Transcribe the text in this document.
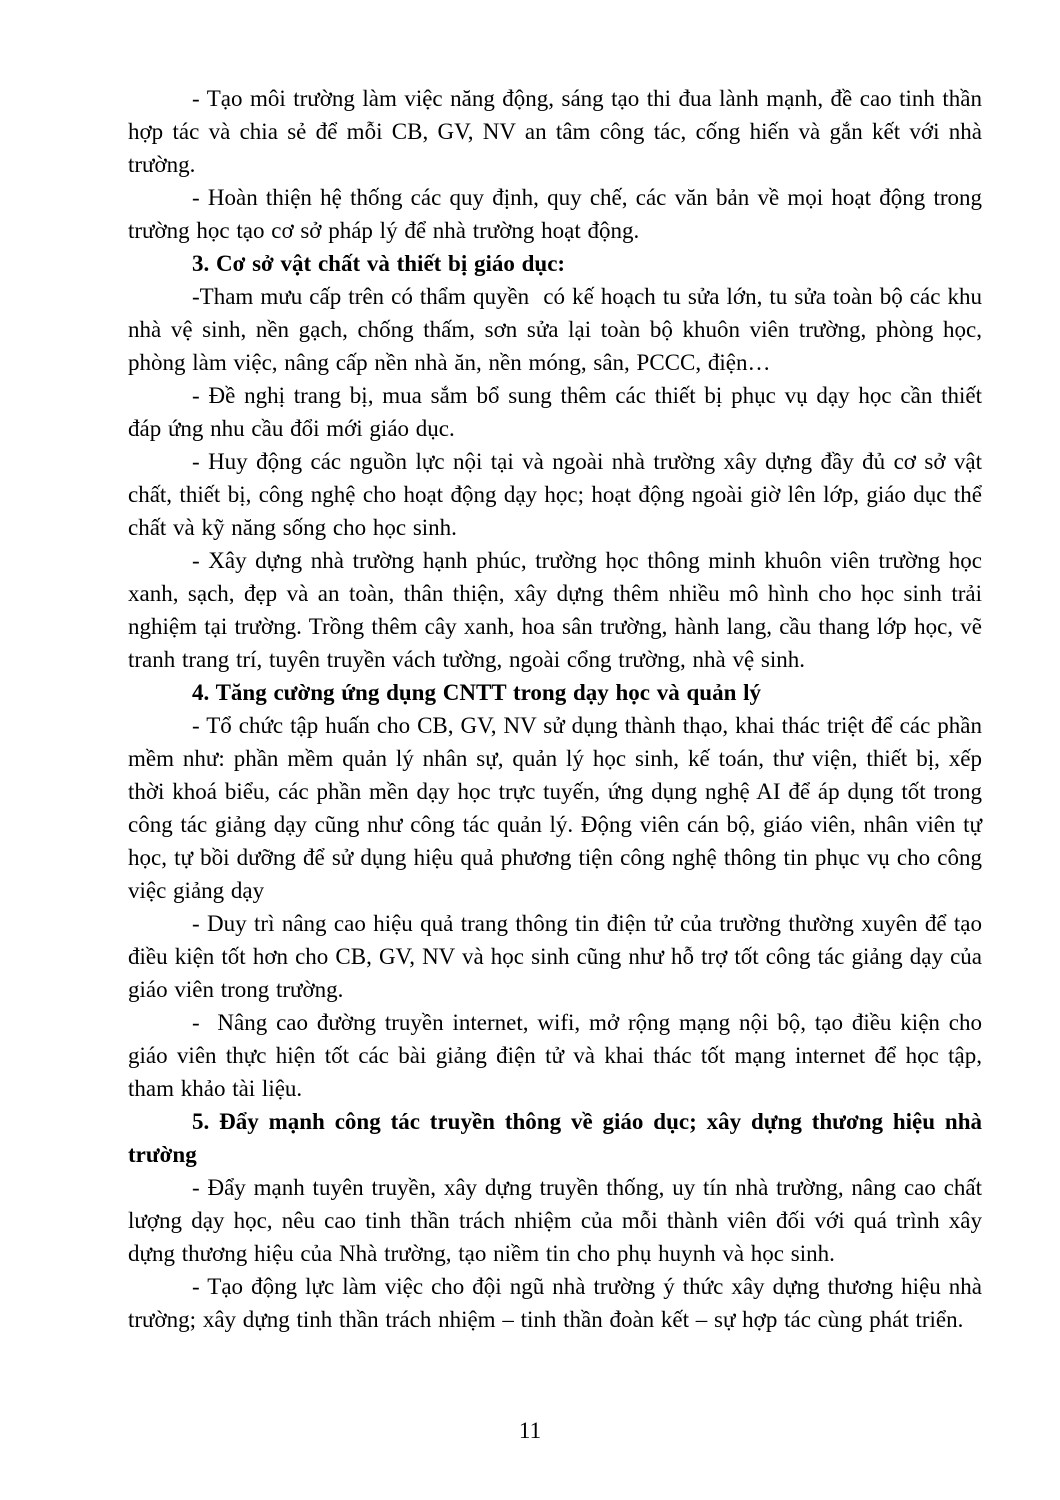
- Tạo môi trường làm việc năng động, sáng tạo thi đua lành mạnh, đề cao tinh thần hợp tác và chia sẻ để mỗi CB, GV, NV an tâm công tác, cống hiến và gắn kết với nhà trường.

- Hoàn thiện hệ thống các quy định, quy chế, các văn bản về mọi hoạt động trong trường học tạo cơ sở pháp lý để nhà trường hoạt động.

3. Cơ sở vật chất và thiết bị giáo dục:

-Tham mưu cấp trên có thẩm quyền  có kế hoạch tu sửa lớn, tu sửa toàn bộ các khu nhà vệ sinh, nền gạch, chống thấm, sơn sửa lại toàn bộ khuôn viên trường, phòng học, phòng làm việc, nâng cấp nền nhà ăn, nền móng, sân, PCCC, điện…

- Đề nghị trang bị, mua sắm bổ sung thêm các thiết bị phục vụ dạy học cần thiết đáp ứng nhu cầu đổi mới giáo dục.

- Huy động các nguồn lực nội tại và ngoài nhà trường xây dựng đầy đủ cơ sở vật chất, thiết bị, công nghệ cho hoạt động dạy học; hoạt động ngoài giờ lên lớp, giáo dục thể chất và kỹ năng sống cho học sinh.

- Xây dựng nhà trường hạnh phúc, trường học thông minh khuôn viên trường học xanh, sạch, đẹp và an toàn, thân thiện, xây dựng thêm nhiều mô hình cho học sinh trải nghiệm tại trường. Trồng thêm cây xanh, hoa sân trường, hành lang, cầu thang lớp học, vẽ tranh trang trí, tuyên truyền vách tường, ngoài cổng trường, nhà vệ sinh.

4. Tăng cường ứng dụng CNTT trong dạy học và quản lý

- Tổ chức tập huấn cho CB, GV, NV sử dụng thành thạo, khai thác triệt để các phần mềm như: phần mềm quản lý nhân sự, quản lý học sinh, kế toán, thư viện, thiết bị, xếp thời khoá biểu, các phần mền dạy học trực tuyến, ứng dụng nghệ AI để áp dụng tốt trong công tác giảng dạy cũng như công tác quản lý. Động viên cán bộ, giáo viên, nhân viên tự học, tự bồi dưỡng để sử dụng hiệu quả phương tiện công nghệ thông tin phục vụ cho công việc giảng dạy

- Duy trì nâng cao hiệu quả trang thông tin điện tử của trường thường xuyên để tạo điều kiện tốt hơn cho CB, GV, NV và học sinh cũng như hỗ trợ tốt công tác giảng dạy của giáo viên trong trường.

-  Nâng cao đường truyền internet, wifi, mở rộng mạng nội bộ, tạo điều kiện cho giáo viên thực hiện tốt các bài giảng điện tử và khai thác tốt mạng internet để học tập, tham khảo tài liệu.

5. Đẩy mạnh công tác truyền thông về giáo dục; xây dựng thương hiệu nhà trường

- Đẩy mạnh tuyên truyền, xây dựng truyền thống, uy tín nhà trường, nâng cao chất lượng dạy học, nêu cao tinh thần trách nhiệm của mỗi thành viên đối với quá trình xây dựng thương hiệu của Nhà trường, tạo niềm tin cho phụ huynh và học sinh.

- Tạo động lực làm việc cho đội ngũ nhà trường ý thức xây dựng thương hiệu nhà trường; xây dựng tinh thần trách nhiệm – tinh thần đoàn kết – sự hợp tác cùng phát triển.

11
